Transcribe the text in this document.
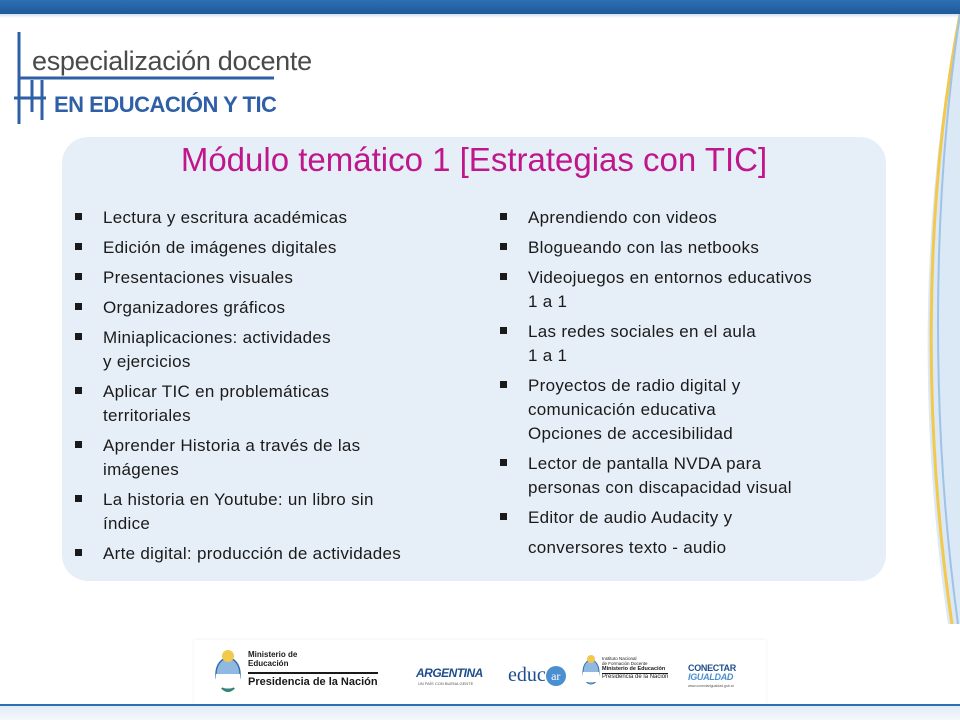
especialización docente
EN EDUCACIÓN Y TIC
Módulo temático 1 [Estrategias con TIC]
Lectura y escritura académicas
Edición de imágenes digitales
Presentaciones visuales
Organizadores gráficos
Miniaplicaciones: actividades
y ejercicios
Aplicar TIC en problemáticas
territoriales
Aprender Historia a través de las
imágenes
La historia en Youtube: un libro sin
índice
Arte digital: producción de actividades
Aprendiendo con videos
Blogueando con las netbooks
Videojuegos en entornos educativos
1 a 1
Las redes sociales en el aula
1 a 1
Proyectos de radio digital y
comunicación educativa
Opciones de accesibilidad
Lector de pantalla NVDA para
personas con discapacidad visual
Editor de audio Audacity y
conversores texto - audio
Ministerio de
Educación
Presidencia de la Nación
ARGENTINA
UN PAÍS CON BUENA GENTE educ ar
Instituto Nacional
de Formación Docente
Ministerio de Educación
Presidencia de la Nación
CONECTAR
IGUALDAD
www.conectarigualdad.gob.ar
